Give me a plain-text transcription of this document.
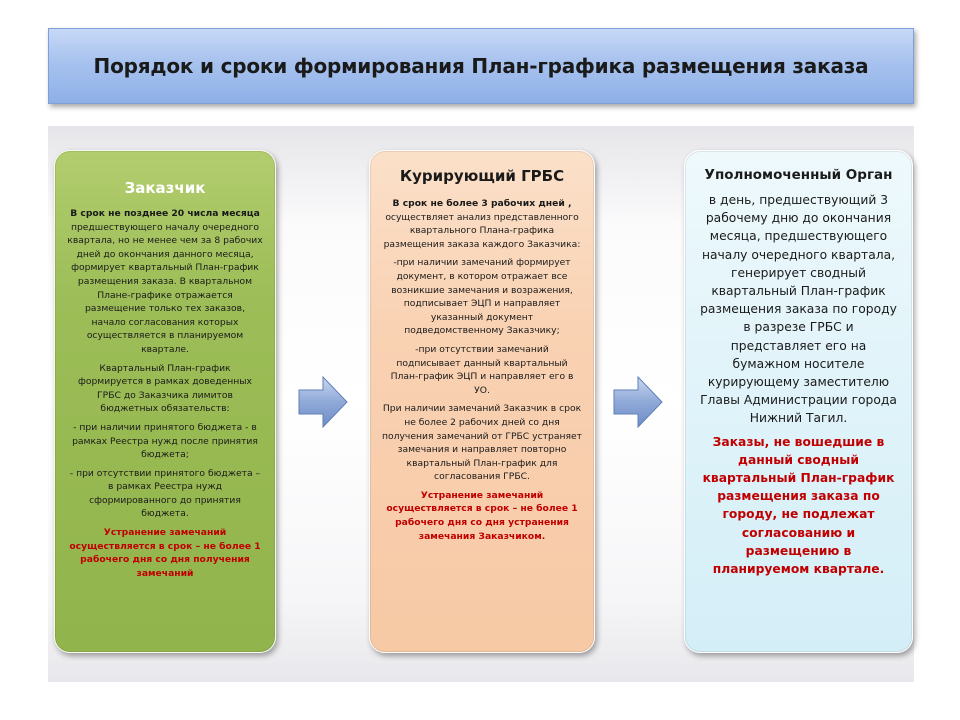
Порядок и сроки формирования План-графика размещения заказа
Заказчик

В срок не позднее 20 числа месяца предшествующего началу очередного квартала, но не менее чем за 8 рабочих дней до окончания данного месяца, формирует квартальный План-график размещения заказа. В квартальном Плане-графике отражается размещение только тех заказов, начало согласования которых осуществляется в планируемом квартале.

Квартальный План-график формируется в рамках доведенных ГРБС до Заказчика лимитов бюджетных обязательств:

- при наличии принятого бюджета - в рамках Реестра нужд после принятия бюджета;

- при отсутствии принятого бюджета – в рамках Реестра нужд сформированного до принятия бюджета.

Устранение замечаний осуществляется в срок – не более 1 рабочего дня со дня получения замечаний

Курирующий ГРБС

В срок не более 3 рабочих дней , осуществляет анализ представленного квартального Плана-графика размещения заказа каждого Заказчика:

-при наличии замечаний формирует документ, в котором отражает все возникшие замечания и возражения, подписывает ЭЦП и направляет указанный документ подведомственному Заказчику;

-при отсутствии замечаний подписывает данный квартальный План-график ЭЦП и направляет его в УО.

При наличии замечаний Заказчик в срок не более 2 рабочих дней со дня получения замечаний от ГРБС устраняет замечания и направляет повторно квартальный План-график для согласования ГРБС.

Устранение замечаний осуществляется в срок – не более 1 рабочего дня со дня устранения замечания Заказчиком.

Уполномоченный Орган

в день, предшествующий 3 рабочему дню до окончания месяца, предшествующего началу очередного квартала, генерирует сводный квартальный План-график размещения заказа по городу в разрезе ГРБС и представляет его на бумажном носителе курирующему заместителю Главы Администрации города Нижний Тагил.

Заказы, не вошедшие в данный сводный квартальный План-график размещения заказа по городу, не подлежат согласованию и размещению в планируемом квартале.
